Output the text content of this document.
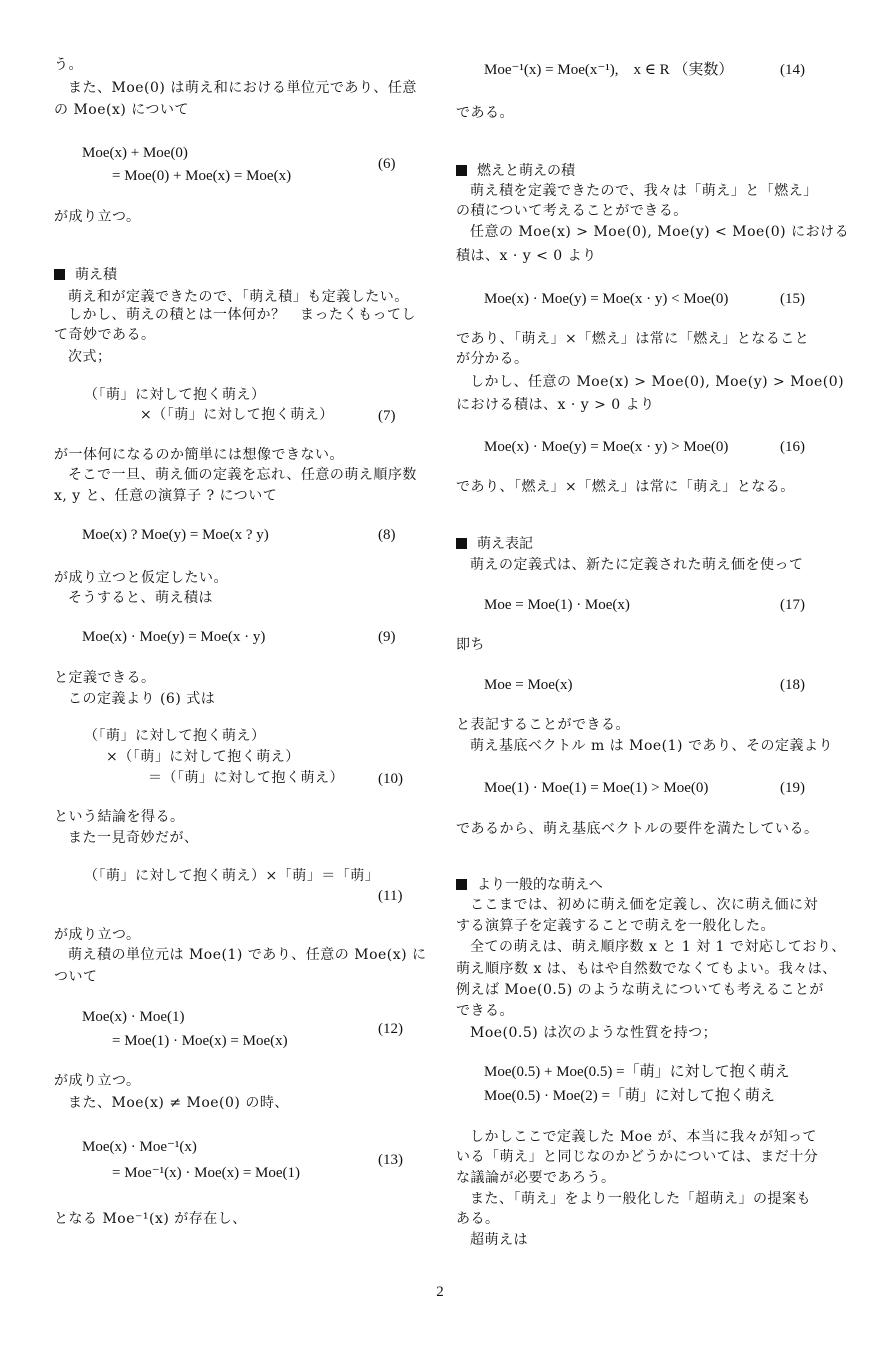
う。
また、Moe(0) は萌え和における単位元であり、任意
の Moe(x) について
Moe(x) + Moe(0)
= Moe(0) + Moe(x) = Moe(x)
(6)
が成り立つ。
萌え積
萌え和が定義できたので、「萌え積」も定義したい。
しかし、萌えの積とは一体何か？　まったくもってし
て奇妙である。
次式；
（「萌」に対して抱く萌え）
×（「萌」に対して抱く萌え）	(7)
が一体何になるのか簡単には想像できない。
そこで一旦、萌え価の定義を忘れ、任意の萌え順序数
x, y と、任意の演算子 ? について
Moe(x) ? Moe(y) = Moe(x ? y)	(8)
が成り立つと仮定したい。
そうすると、萌え積は
Moe(x) · Moe(y) = Moe(x · y)	(9)
と定義できる。
この定義より (6) 式は
（「萌」に対して抱く萌え）
×（「萌」に対して抱く萌え）
＝（「萌」に対して抱く萌え） (10)
という結論を得る。
また一見奇妙だが、
（「萌」に対して抱く萌え）×「萌」＝「萌」
(11)
が成り立つ。
萌え積の単位元は Moe(1) であり、任意の Moe(x) に
ついて
Moe(x) · Moe(1)
= Moe(1) · Moe(x) = Moe(x)
(12)
が成り立つ。
また、Moe(x) ≠ Moe(0) の時、
Moe(x) · Moe⁻¹(x)
= Moe⁻¹(x) · Moe(x) = Moe(1)
(13)
となる Moe⁻¹(x) が存在し、
Moe⁻¹(x) = Moe(x⁻¹),　x ∈ R （実数）	(14)
である。
燃えと萌えの積
萌え積を定義できたので、我々は「萌え」と「燃え」
の積について考えることができる。
任意の Moe(x) > Moe(0), Moe(y) < Moe(0) における
積は、x · y < 0 より
Moe(x) · Moe(y) = Moe(x · y) < Moe(0)	(15)
であり、「萌え」×「燃え」は常に「燃え」となること
が分かる。
しかし、任意の Moe(x) > Moe(0), Moe(y) > Moe(0)
における積は、x · y > 0 より
Moe(x) · Moe(y) = Moe(x · y) > Moe(0)	(16)
であり、「燃え」×「燃え」は常に「萌え」となる。
萌え表記
萌えの定義式は、新たに定義された萌え価を使って
Moe = Moe(1) · Moe(x)	(17)
即ち
Moe = Moe(x)	(18)
と表記することができる。
萌え基底ベクトル m は Moe(1) であり、その定義より
Moe(1) · Moe(1) = Moe(1) > Moe(0)	(19)
であるから、萌え基底ベクトルの要件を満たしている。
より一般的な萌えへ
ここまでは、初めに萌え価を定義し、次に萌え価に対
する演算子を定義することで萌えを一般化した。
全ての萌えは、萌え順序数 x と 1 対 1 で対応しており、
萌え順序数 x は、もはや自然数でなくてもよい。我々は、
例えば Moe(0.5) のような萌えについても考えることが
できる。
Moe(0.5) は次のような性質を持つ；
Moe(0.5) + Moe(0.5) =「萌」に対して抱く萌え
Moe(0.5) · Moe(2) =「萌」に対して抱く萌え
しかしここで定義した Moe が、本当に我々が知って
いる「萌え」と同じなのかどうかについては、まだ十分
な議論が必要であろう。
また、「萌え」をより一般化した「超萌え」の提案も
ある。
超萌えは
2
